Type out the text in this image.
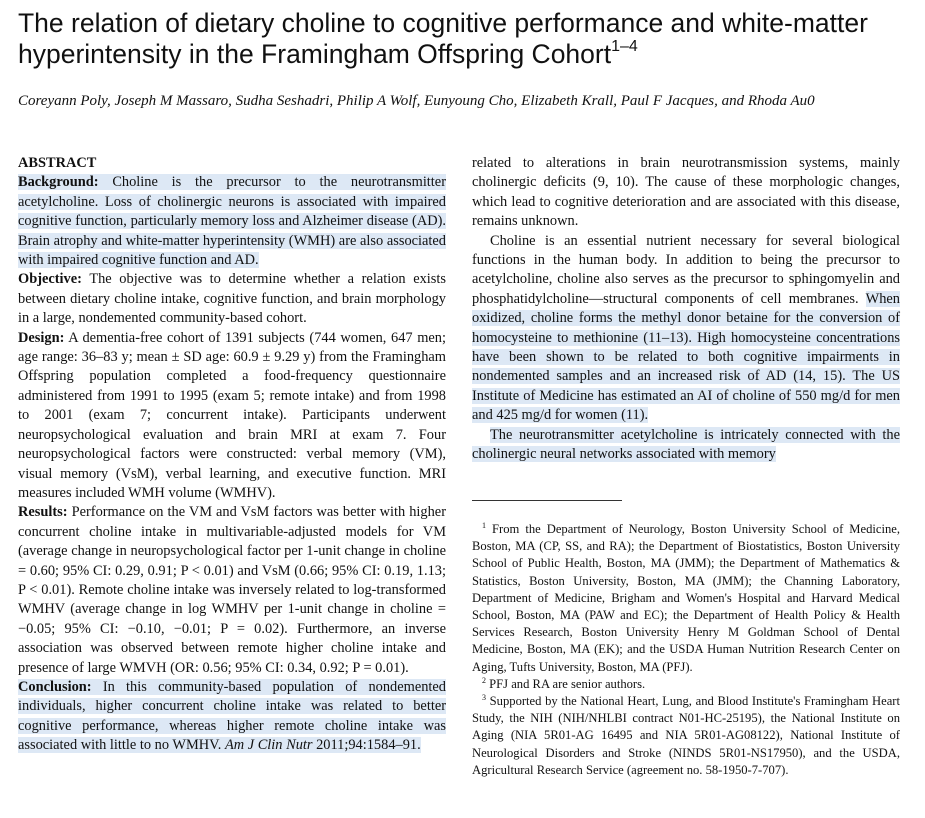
The relation of dietary choline to cognitive performance and white-matter hyperintensity in the Framingham Offspring Cohort$^{1-4}$
Coreyann Poly, Joseph M Massaro, Sudha Seshadri, Philip A Wolf, Eunyoung Cho, Elizabeth Krall, Paul F Jacques, and Rhoda Au0
ABSTRACT
Background: Choline is the precursor to the neurotransmitter acetylcholine. Loss of cholinergic neurons is associated with impaired cognitive function, particularly memory loss and Alzheimer disease (AD). Brain atrophy and white-matter hyperintensity (WMH) are also associated with impaired cognitive function and AD.
Objective: The objective was to determine whether a relation exists between dietary choline intake, cognitive function, and brain morphology in a large, nondemented community-based cohort.
Design: A dementia-free cohort of 1391 subjects (744 women, 647 men; age range: 36–83 y; mean ± SD age: 60.9 ± 9.29 y) from the Framingham Offspring population completed a food-frequency questionnaire administered from 1991 to 1995 (exam 5; remote intake) and from 1998 to 2001 (exam 7; concurrent intake). Participants underwent neuropsychological evaluation and brain MRI at exam 7. Four neuropsychological factors were constructed: verbal memory (VM), visual memory (VsM), verbal learning, and executive function. MRI measures included WMH volume (WMHV).
Results: Performance on the VM and VsM factors was better with higher concurrent choline intake in multivariable-adjusted models for VM (average change in neuropsychological factor per 1-unit change in choline = 0.60; 95% CI: 0.29, 0.91; P < 0.01) and VsM (0.66; 95% CI: 0.19, 1.13; P < 0.01). Remote choline intake was inversely related to log-transformed WMHV (average change in log WMHV per 1-unit change in choline = −0.05; 95% CI: −0.10, −0.01; P = 0.02). Furthermore, an inverse association was observed between remote higher choline intake and presence of large WMVH (OR: 0.56; 95% CI: 0.34, 0.92; P = 0.01).
Conclusion: In this community-based population of nondemented individuals, higher concurrent choline intake was related to better cognitive performance, whereas higher remote choline intake was associated with little to no WMHV. Am J Clin Nutr 2011;94:1584–91.
related to alterations in brain neurotransmission systems, mainly cholinergic deficits (9, 10). The cause of these morphologic changes, which lead to cognitive deterioration and are associated with this disease, remains unknown.
Choline is an essential nutrient necessary for several biological functions in the human body. In addition to being the precursor to acetylcholine, choline also serves as the precursor to sphingomyelin and phosphatidylcholine—structural components of cell membranes. When oxidized, choline forms the methyl donor betaine for the conversion of homocysteine to methionine (11–13). High homocysteine concentrations have been shown to be related to both cognitive impairments in nondemented samples and an increased risk of AD (14, 15). The US Institute of Medicine has estimated an AI of choline of 550 mg/d for men and 425 mg/d for women (11).
The neurotransmitter acetylcholine is intricately connected with the cholinergic neural networks associated with memory

$^1$ From the Department of Neurology, Boston University School of Medicine, Boston, MA (CP, SS, and RA); the Department of Biostatistics, Boston University School of Public Health, Boston, MA (JMM); the Department of Mathematics & Statistics, Boston University, Boston, MA (JMM); the Channing Laboratory, Department of Medicine, Brigham and Women's Hospital and Harvard Medical School, Boston, MA (PAW and EC); the Department of Health Policy & Health Services Research, Boston University Henry M Goldman School of Dental Medicine, Boston, MA (EK); and the USDA Human Nutrition Research Center on Aging, Tufts University, Boston, MA (PFJ).

$^2$ PFJ and RA are senior authors.

$^3$ Supported by the National Heart, Lung, and Blood Institute's Framingham Heart Study, the NIH (NIH/NHLBI contract N01-HC-25195), the National Institute on Aging (NIA 5R01-AG 16495 and NIA 5R01-AG08122), National Institute of Neurological Disorders and Stroke (NINDS 5R01-NS17950), and the USDA, Agricultural Research Service (agreement no. 58-1950-7-707).
